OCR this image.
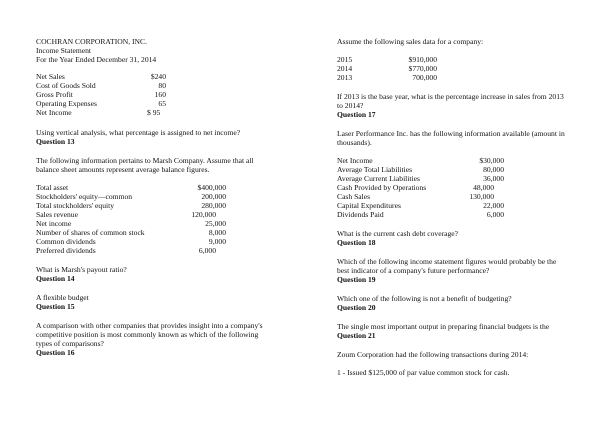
COCHRAN CORPORATION, INC.
Income Statement
For the Year Ended December 31, 2014
Net Sales	$240
Cost of Goods Sold	80
Gross Profit	160
Operating Expenses	65
Net Income	$ 95
Using vertical analysis, what percentage is assigned to net income?
Question 13
The following information pertains to Marsh Company. Assume that all balance sheet amounts represent average balance figures.
Total asset	$400,000
Stockholders' equity—common	200,000
Total stockholders' equity	280,000
Sales revenue	120,000
Net income	25,000
Number of shares of common stock	8,000
Common dividends	9,000
Preferred dividends	6,000
What is Marsh's payout ratio?
Question 14
A flexible budget
Question 15
A comparison with other companies that provides insight into a company's competitive position is most commonly known as which of the following types of comparisons?
Question 16
Assume the following sales data for a company:
2015	$910,000
2014	$770,000
2013	700,000
If 2013 is the base year, what is the percentage increase in sales from 2013 to 2014?
Question 17
Laser Performance Inc. has the following information available (amount in thousands).
Net Income	$30,000
Average Total Liabilities	80,000
Average Current Liabilities	36,000
Cash Provided by Operations	48,000
Cash Sales	130,000
Capital Expenditures	22,000
Dividends Paid	6,000
What is the current cash debt coverage?
Question 18
Which of the following income statement figures would probably be the best indicator of a company's future performance?
Question 19
Which one of the following is not a benefit of budgeting?
Question 20
The single most important output in preparing financial budgets is the
Question 21
Zoum Corporation had the following transactions during 2014:
1 - Issued $125,000 of par value common stock for cash.
